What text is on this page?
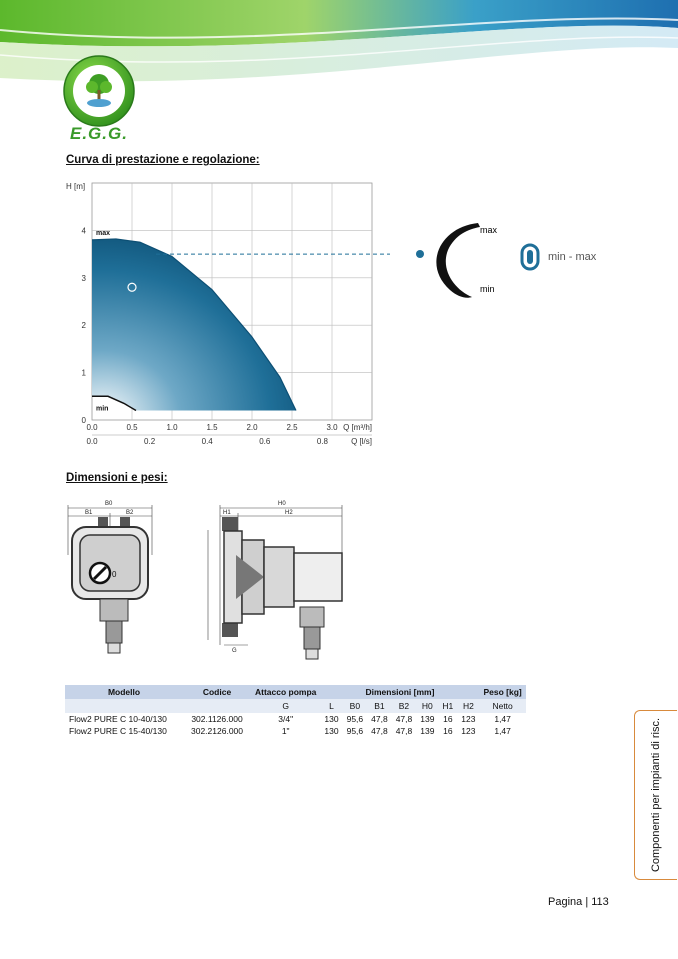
E.G.G.
Curva di prestazione e regolazione:
0
1
2
3
4
0.0	0.5	1.0	1.5	2.0	2.5	3.0
0.0	0.2	0.4	0.6	0.8
H [m]
Q [m³/h]
Q [l/s]
max
min
max
min
min - max
Dimensioni e pesi:
B0
B1	B2
H0
H1	H2
G
0
Modello	Codice	Attacco pompa	Dimensioni [mm]							Peso [kg]
		G	L	B0	B1	B2	H0	H1	H2	Netto
Flow2 PURE C 10-40/130	302.1126.000	3/4"	130	95,6	47,8	47,8	139	16	123	1,47
Flow2 PURE C 15-40/130	302.2126.000	1"	130	95,6	47,8	47,8	139	16	123	1,47	Componenti per impianti di risc.
Pagina | 113
